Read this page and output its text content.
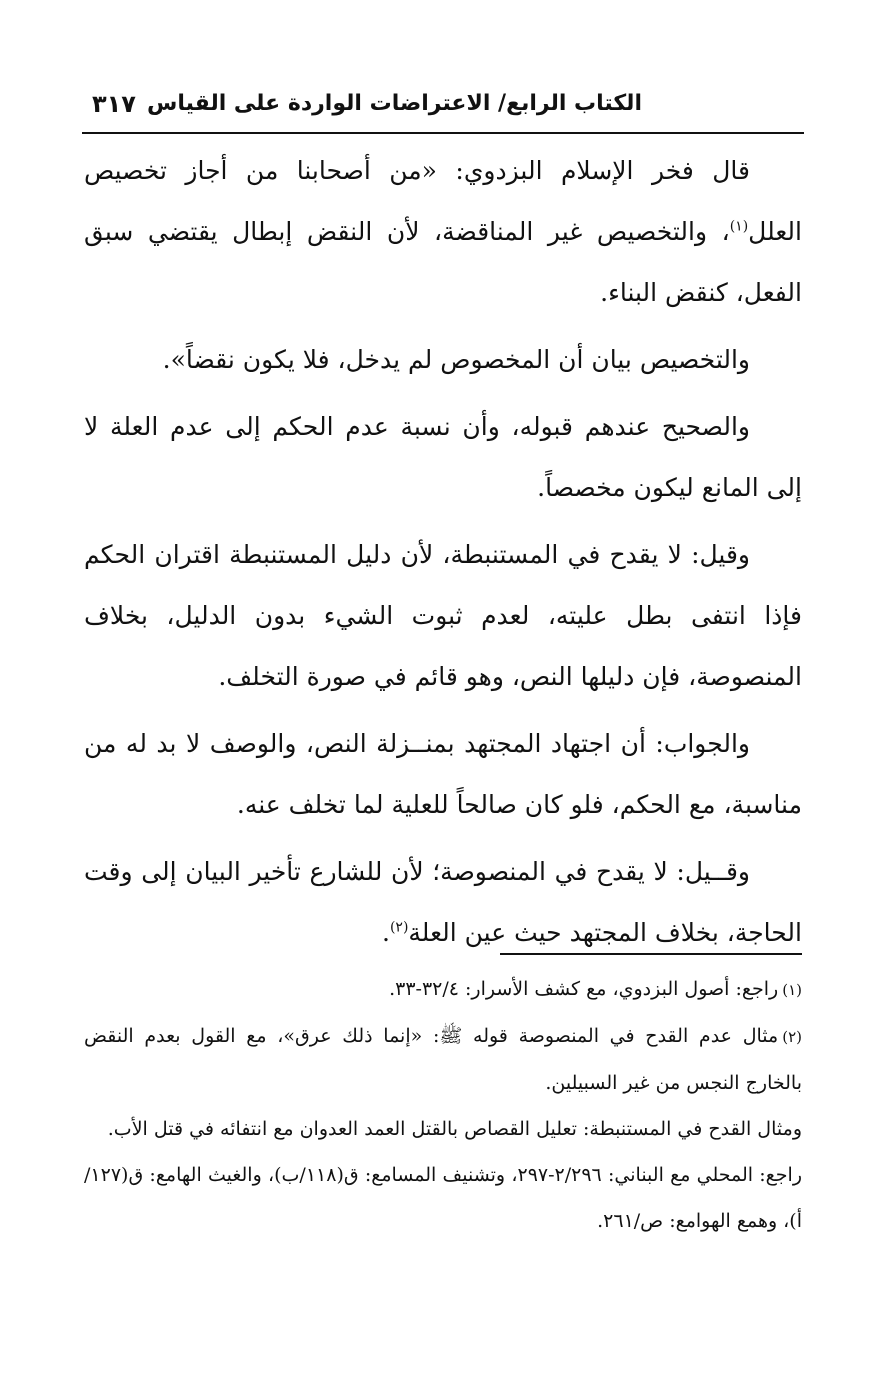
الكتاب الرابع/ الاعتراضات الواردة على القياس
٣١٧

قال فخر الإسلام البزدوي: «من أصحابنا من أجاز تخصيص العلل$^{(١)}$، والتخصيص غير المناقضة، لأن النقض إبطال يقتضي سبق الفعل، كنقض البناء.

والتخصيص بيان أن المخصوص لم يدخل، فلا يكون نقضاً».

والصحيح عندهم قبوله، وأن نسبة عدم الحكم إلى عدم العلة لا إلى المانع ليكون مخصصاً.

وقيل: لا يقدح في المستنبطة، لأن دليل المستنبطة اقتران الحكم فإذا انتفى بطل عليته، لعدم ثبوت الشيء بدون الدليل، بخلاف المنصوصة، فإن دليلها النص، وهو قائم في صورة التخلف.

والجواب: أن اجتهاد المجتهد بمنــزلة النص، والوصف لا بد له من مناسبة، مع الحكم، فلو كان صالحاً للعلية لما تخلف عنه.

وقــيل: لا يقدح في المنصوصة؛ لأن للشارع تأخير البيان إلى وقت الحاجة، بخلاف المجتهد حيث عين العلة$^{(٢)}$.

(١)راجع: أصول البزدوي، مع كشف الأسرار: ٣٢/٤-٣٣.

(٢)مثال عدم القدح في المنصوصة قوله ﷺ: «إنما ذلك عرق»، مع القول بعدم النقض بالخارج النجس من غير السبيلين.

ومثال القدح في المستنبطة: تعليل القصاص بالقتل العمد العدوان مع انتفائه في قتل الأب.

راجع: المحلي مع البناني: ٢/٢٩٦-٢٩٧، وتشنيف المسامع: ق(١١٨/ب)، والغيث الهامع: ق(١٢٧/أ)، وهمع الهوامع: ص/٢٦١.
